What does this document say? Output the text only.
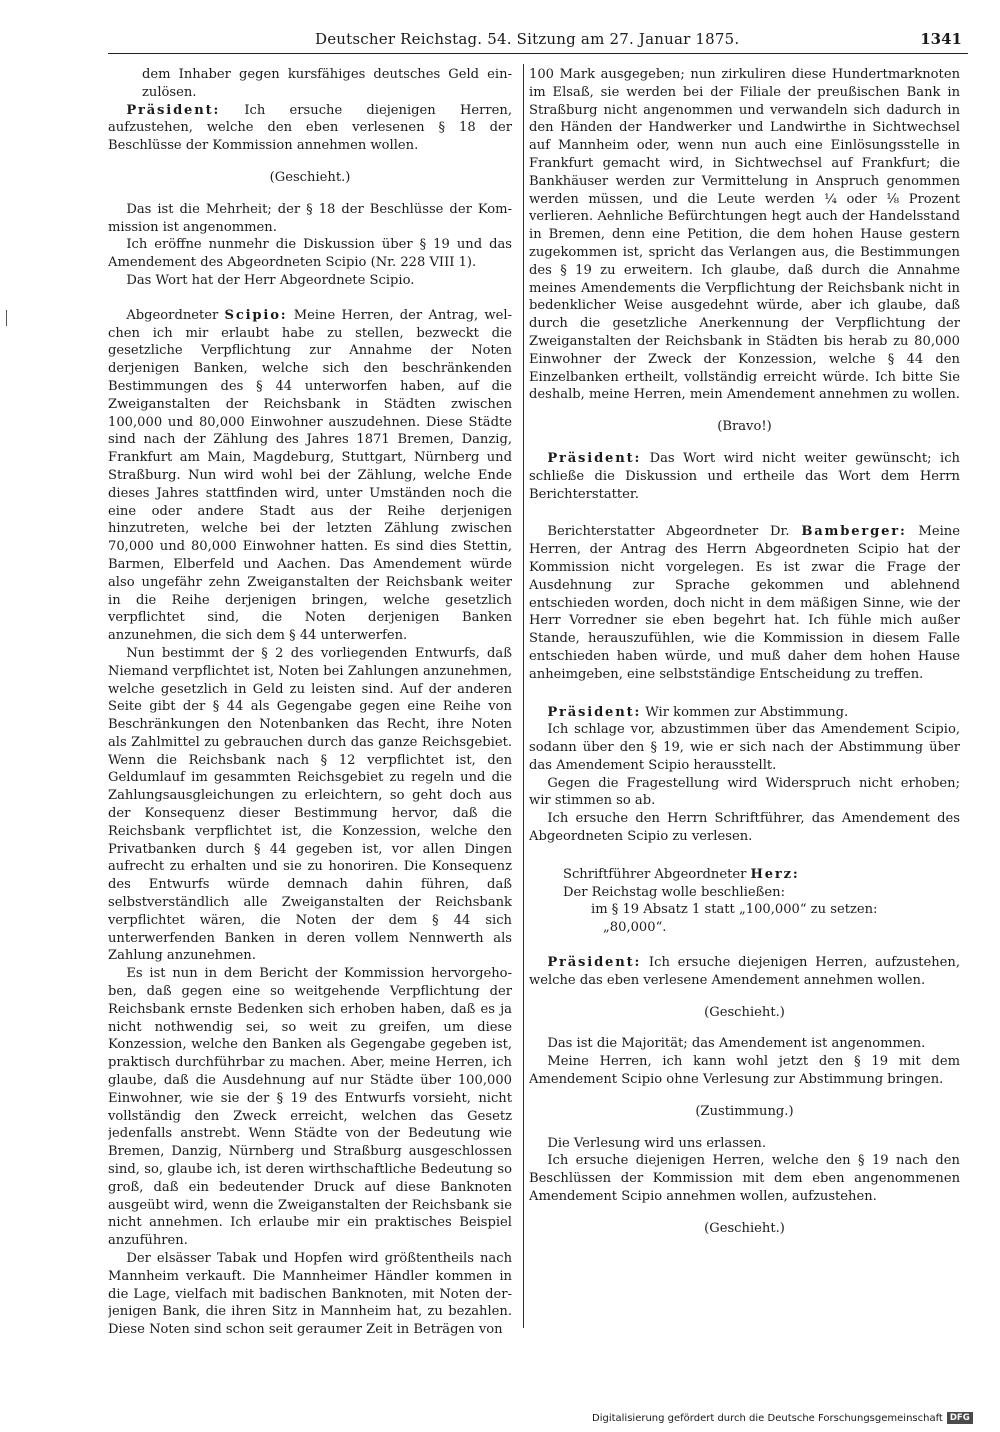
Deutscher Reichstag. 54. Sitzung am 27. Januar 1875.	1341

dem Inhaber gegen kursfähiges deutsches Geld einzulösen.

Präsident: Ich ersuche diejenigen Herren, aufzustehen, welche den eben verlesenen § 18 der Beschlüsse der Kommission annehmen wollen.

(Geschieht.)

Das ist die Mehrheit; der § 18 der Beschlüsse der Kommission ist angenommen.

Ich eröffne nunmehr die Diskussion über § 19 und das Amendement des Abgeordneten Scipio (Nr. 228 VIII 1).

Das Wort hat der Herr Abgeordnete Scipio.

Abgeordneter Scipio: Meine Herren, der Antrag, welchen ich mir erlaubt habe zu stellen, bezweckt die gesetzliche Verpflichtung zur Annahme der Noten derjenigen Banken, welche sich den beschränkenden Bestimmungen des § 44 unterworfen haben, auf die Zweiganstalten der Reichsbank in Städten zwischen 100,000 und 80,000 Einwohner auszudehnen. Diese Städte sind nach der Zählung des Jahres 1871 Bremen, Danzig, Frankfurt am Main, Magdeburg, Stuttgart, Nürnberg und Straßburg. Nun wird wohl bei der Zählung, welche Ende dieses Jahres stattfinden wird, unter Umständen noch die eine oder andere Stadt aus der Reihe derjenigen hinzutreten, welche bei der letzten Zählung zwischen 70,000 und 80,000 Einwohner hatten. Es sind dies Stettin, Barmen, Elberfeld und Aachen. Das Amendement würde also ungefähr zehn Zweiganstalten der Reichsbank weiter in die Reihe derjenigen bringen, welche gesetzlich verpflichtet sind, die Noten derjenigen Banken anzunehmen, die sich dem § 44 unterwerfen.

Nun bestimmt der § 2 des vorliegenden Entwurfs, daß Niemand verpflichtet ist, Noten bei Zahlungen anzunehmen, welche gesetzlich in Geld zu leisten sind. Auf der anderen Seite gibt der § 44 als Gegengabe gegen eine Reihe von Beschränkungen den Notenbanken das Recht, ihre Noten als Zahlmittel zu gebrauchen durch das ganze Reichsgebiet. Wenn die Reichsbank nach § 12 verpflichtet ist, den Geldumlauf im gesammten Reichsgebiet zu regeln und die Zahlungsausgleichungen zu erleichtern, so geht doch aus der Konsequenz dieser Bestimmung hervor, daß die Reichsbank verpflichtet ist, die Konzession, welche den Privatbanken durch § 44 gegeben ist, vor allen Dingen aufrecht zu erhalten und sie zu honoriren. Die Konsequenz des Entwurfs würde demnach dahin führen, daß selbstverständlich alle Zweiganstalten der Reichsbank verpflichtet wären, die Noten der dem § 44 sich unterwerfenden Banken in deren vollem Nennwerth als Zahlung anzunehmen.

Es ist nun in dem Bericht der Kommission hervorgehoben, daß gegen eine so weitgehende Verpflichtung der Reichsbank ernste Bedenken sich erhoben haben, daß es ja nicht nothwendig sei, so weit zu greifen, um diese Konzession, welche den Banken als Gegengabe gegeben ist, praktisch durchführbar zu machen. Aber, meine Herren, ich glaube, daß die Ausdehnung auf nur Städte über 100,000 Einwohner, wie sie der § 19 des Entwurfs vorsieht, nicht vollständig den Zweck erreicht, welchen das Gesetz jedenfalls anstrebt. Wenn Städte von der Bedeutung wie Bremen, Danzig, Nürnberg und Straßburg ausgeschlossen sind, so, glaube ich, ist deren wirthschaftliche Bedeutung so groß, daß ein bedeutender Druck auf diese Banknoten ausgeübt wird, wenn die Zweiganstalten der Reichsbank sie nicht annehmen. Ich erlaube mir ein praktisches Beispiel anzuführen.

Der elsässer Tabak und Hopfen wird größtentheils nach Mannheim verkauft. Die Mannheimer Händler kommen in die Lage, vielfach mit badischen Banknoten, mit Noten derjenigen Bank, die ihren Sitz in Mannheim hat, zu bezahlen. Diese Noten sind schon seit geraumer Zeit in Beträgen von

100 Mark ausgegeben; nun zirkuliren diese Hundertmarknoten im Elsaß, sie werden bei der Filiale der preußischen Bank in Straßburg nicht angenommen und verwandeln sich dadurch in den Händen der Handwerker und Landwirthe in Sichtwechsel auf Mannheim oder, wenn nun auch eine Einlösungsstelle in Frankfurt gemacht wird, in Sichtwechsel auf Frankfurt; die Bankhäuser werden zur Vermittelung in Anspruch genommen werden müssen, und die Leute werden ¼ oder ⅛ Prozent verlieren. Aehnliche Befürchtungen hegt auch der Handelsstand in Bremen, denn eine Petition, die dem hohen Hause gestern zugekommen ist, spricht das Verlangen aus, die Bestimmungen des § 19 zu erweitern. Ich glaube, daß durch die Annahme meines Amendements die Verpflichtung der Reichsbank nicht in bedenklicher Weise ausgedehnt würde, aber ich glaube, daß durch die gesetzliche Anerkennung der Verpflichtung der Zweiganstalten der Reichsbank in Städten bis herab zu 80,000 Einwohner der Zweck der Konzession, welche § 44 den Einzelbanken ertheilt, vollständig erreicht würde. Ich bitte Sie deshalb, meine Herren, mein Amendement annehmen zu wollen.

(Bravo!)

Präsident: Das Wort wird nicht weiter gewünscht; ich schließe die Diskussion und ertheile das Wort dem Herrn Berichterstatter.

Berichterstatter Abgeordneter Dr. Bamberger: Meine Herren, der Antrag des Herrn Abgeordneten Scipio hat der Kommission nicht vorgelegen. Es ist zwar die Frage der Ausdehnung zur Sprache gekommen und ablehnend entschieden worden, doch nicht in dem mäßigen Sinne, wie der Herr Vorredner sie eben begehrt hat. Ich fühle mich außer Stande, herauszufühlen, wie die Kommission in diesem Falle entschieden haben würde, und muß daher dem hohen Hause anheimgeben, eine selbstständige Entscheidung zu treffen.

Präsident: Wir kommen zur Abstimmung.

Ich schlage vor, abzustimmen über das Amendement Scipio, sodann über den § 19, wie er sich nach der Abstimmung über das Amendement Scipio herausstellt.

Gegen die Fragestellung wird Widerspruch nicht erhoben; wir stimmen so ab.

Ich ersuche den Herrn Schriftführer, das Amendement des Abgeordneten Scipio zu verlesen.

Schriftführer Abgeordneter Herz:

Der Reichstag wolle beschließen:

im § 19 Absatz 1 statt „100,000“ zu setzen:

„80,000“.

Präsident: Ich ersuche diejenigen Herren, aufzustehen, welche das eben verlesene Amendement annehmen wollen.

(Geschieht.)

Das ist die Majorität; das Amendement ist angenommen.

Meine Herren, ich kann wohl jetzt den § 19 mit dem Amendement Scipio ohne Verlesung zur Abstimmung bringen.

(Zustimmung.)

Die Verlesung wird uns erlassen.

Ich ersuche diejenigen Herren, welche den § 19 nach den Beschlüssen der Kommission mit dem eben angenommenen Amendement Scipio annehmen wollen, aufzustehen.

(Geschieht.)

Digitalisierung gefördert durch die Deutsche Forschungsgemeinschaft DFG
